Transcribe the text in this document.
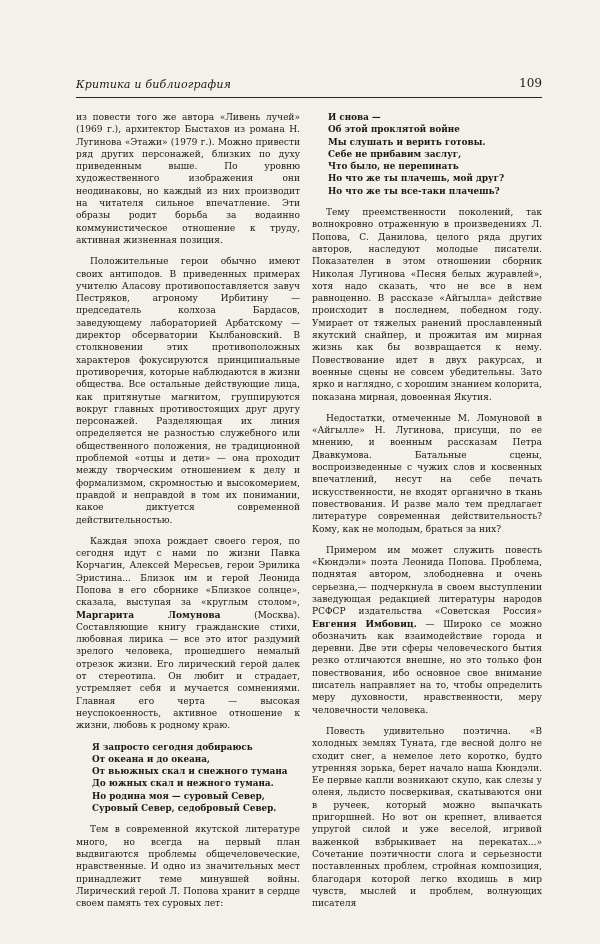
Критика и библиография	109

из повести того же автора «Ливень лучей» (1969 г.), архитектор Быстахов из романа Н. Лугинова «Этажи» (1979 г.). Можно привести ряд других персонажей, близких по духу приведенным выше. По уровню художественного изображения они неодинаковы, но каждый из них производит на читателя сильное впечатление. Эти образы родит борьба за водаинно коммунистическое отношение к труду, активная жизненная позиция.

Положительные герои обычно имеют своих антиподов. В приведенных примерах учителю Аласову противопоставляется завуч Пестряков, агроному Ирбитину — председатель колхоза Бардасов, заведующему лабораторией Арбатскому — директор обсерватории Кылбановский. В столкновении этих противоположных характеров фокусируются принципиальные противоречия, которые наблюдаются в жизни общества. Все остальные действующие лица, как притянутые магнитом, группируются вокруг главных противостоящих друг другу персонажей. Разделяющая их линия определяется не разностью служебного или общественного положения, не традиционной проблемой «отцы и дети» — она проходит между творческим отношением к делу и формализмом, скромностью и высокомерием, правдой и неправдой в том их понимании, какое диктуется современной действительностью.

Каждая эпоха рождает своего героя, по сегодня идут с нами по жизни Павка Корчагин, Алексей Мересьев, герои Эрилика Эристина... Близок им и герой Леонида Попова в его сборнике «Близкое солнце», сказала, выступая за «круглым столом», Маргарита Ломунова	(Москва). Составляющие книгу гражданские стихи, любовная лирика — все это итог раздумий зрелого человека, прошедшего немалый отрезок жизни. Его лирический герой далек от стереотипа. Он любит и страдает, устремляет себя и мучается сомнениями. Главная его черта — высокая неуспокоенность, активное отношение к жизни, любовь к родному краю.

Я запросто сегодня добираюсь
От океана и до океана,
От вьюжных скал и снежного тумана
До южных скал и нежного тумана.
Но родина моя — суровый Север,
Суровый Север, седобровый Север.

Тем в современной якутской литературе много, но всегда на первый план выдвигаются проблемы общечеловеческие, нравственные. И одно из значительных мест принадлежит теме минувшей войны. Лирический герой Л. Попова хранит в сердце своем память тех суровых лет:

И снова —
Об этой проклятой войне
Мы слушать и верить готовы.
Себе не прибавим заслуг,
Что было, не перепинать
Но что же ты плачешь, мой друг?
Но что же ты все-таки плачешь?

Тему преемственности поколений, так волнокровно отраженную в произведениях Л. Попова, С. Данилова, целого ряда других авторов, наследуют молодые писатели. Показателен в этом отношении сборник Николая Лугинова «Песня белых журавлей», хотя надо сказать, что не все в нем равноценно. В рассказе «Айгылла» действие происходит в последнем, победном году. Умирает от тяжелых ранений прославленный якутский снайпер, и прожитая им мирная жизнь как бы возвращается к нему. Повествование идет в двух ракурсах, и военные сцены не совсем убедительны. Зато ярко и наглядно, с хорошим знанием колорита, показана мирная, довоенная Якутия.

Недостатки, отмеченные М. Ломуновой в «Айгылле» Н. Лугинова, присущи, по ее мнению, и военным рассказам Петра Двавкумова. Батальные сцены, воспроизведенные с чужих слов и косвенных впечатлений, несут на себе печать искусственности, не входят органично в ткань повествования. И разве малo тем предлагает литературе современная действительность? Кому, как не молодым, браться за них?

Примером им может служить повесть «Кюндэли» поэта Леонида Попова. Проблема, поднятая автором, злободневна и очень серьезна,— подчеркнула в своем выступлении заведующая редакцией литературы народов РСФСР издательства «Советская Россия» Евгения Имбовиц. — Широко се можно обозначить как взаимодействие города и деревни. Две эти сферы человеческого бытия резко отличаются внешне, но это только фон повествования, ибо основное свое внимание писатель направляет на то, чтобы определить меру духовности, нравственности, меру человечности человека.

Повесть удивительно поэтична. «В холодных землях Туната, где весной долго не сходит снег, а немелое лето коротко, будто утренняя зорька, берет начало наша Кюндэли. Ее первые капли возникают скупо, как слезы у оленя, льдисто посверкивая, скатываются они в ручеек, который можно выпачкать пригоршней. Но вот он крепнет, вливается упругой силой и уже веселой, игривой важенкой взбрыкивает на перекатах...» Сочетание поэтичности слога и серьезности поставленных проблем, стройная композиция, благодаря которой легко входишь в мир чувств, мыслей и проблем, волнующих писателя
